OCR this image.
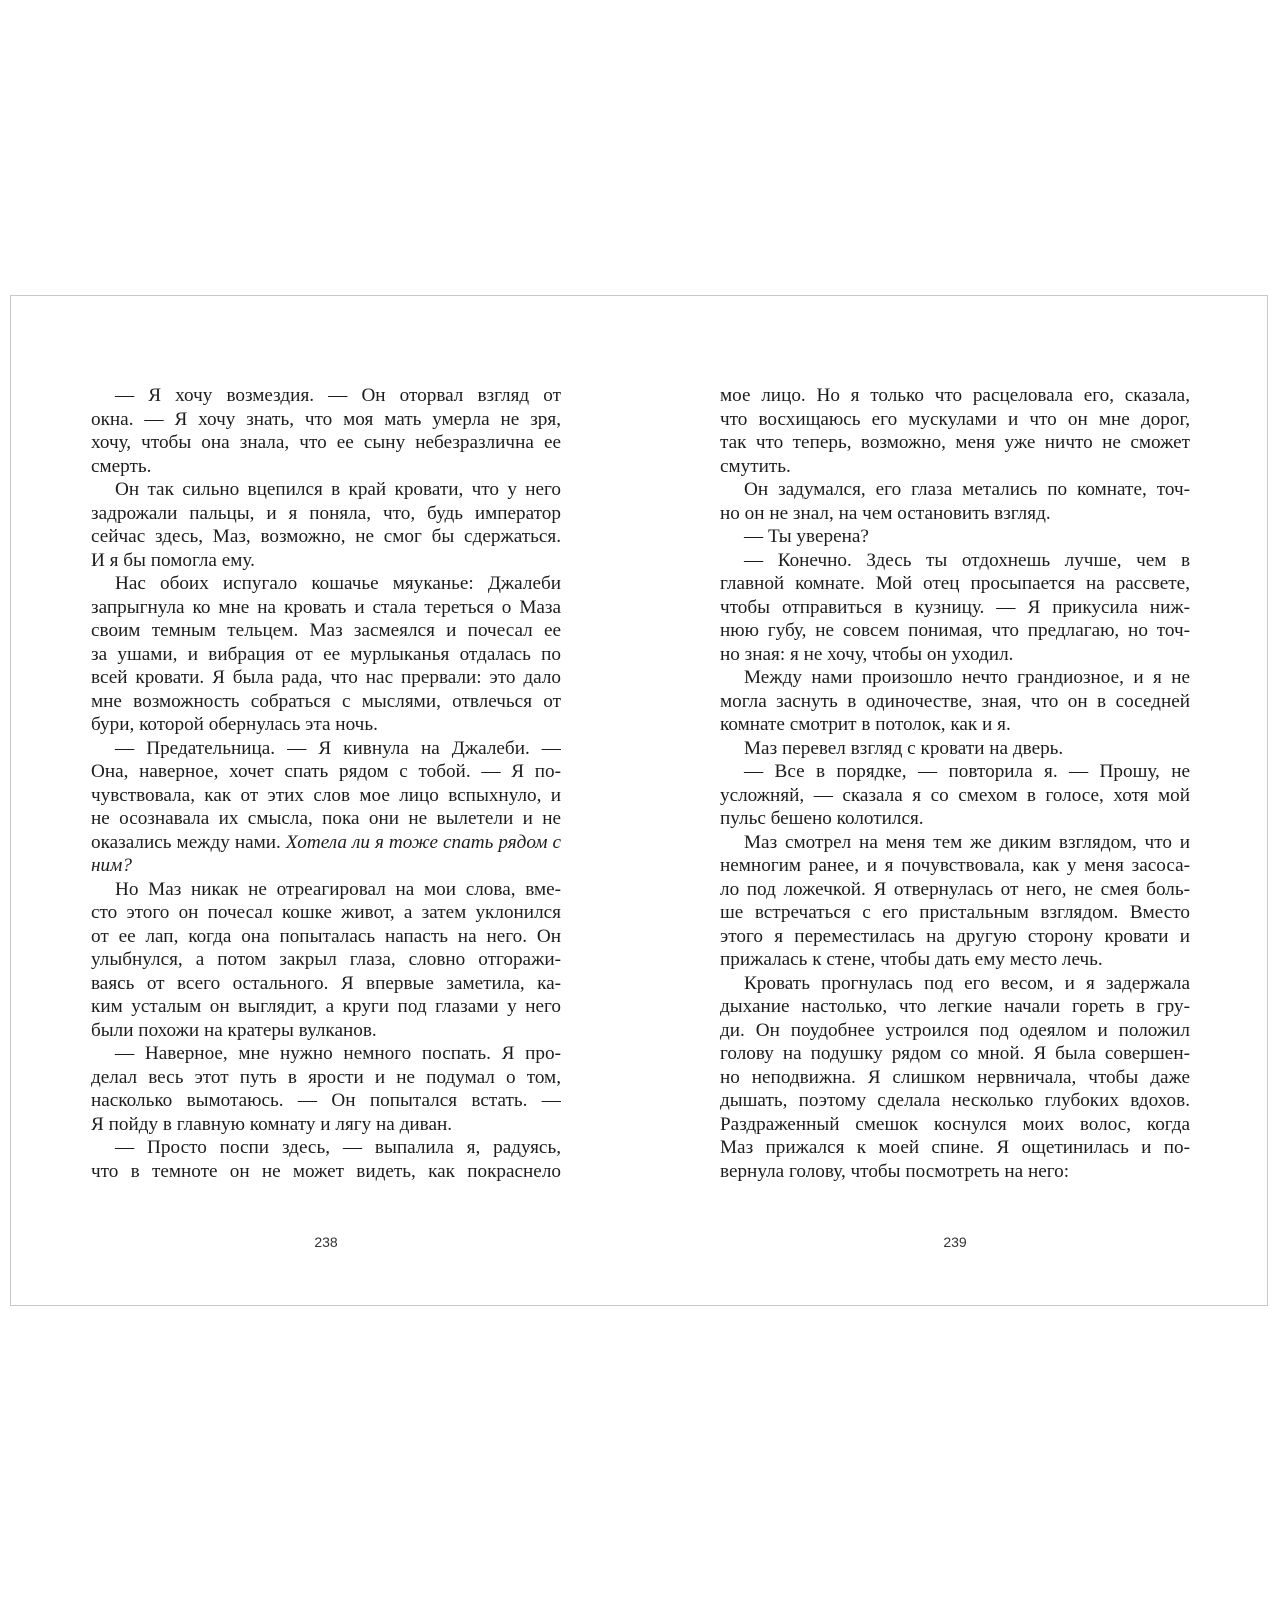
— Я хочу возмездия. — Он оторвал взгляд от
окна. — Я хочу знать, что моя мать умерла не зря,
хочу, чтобы она знала, что ее сыну небезразлична ее
смерть.
Он так сильно вцепился в край кровати, что у него
задрожали пальцы, и я поняла, что, будь император
сейчас здесь, Маз, возможно, не смог бы сдержаться.
И я бы помогла ему.
Нас обоих испугало кошачье мяуканье: Джалеби
запрыгнула ко мне на кровать и стала тереться о Маза
своим темным тельцем. Маз засмеялся и почесал ее
за ушами, и вибрация от ее мурлыканья отдалась по
всей кровати. Я была рада, что нас прервали: это дало
мне возможность собраться с мыслями, отвлечься от
бури, которой обернулась эта ночь.
— Предательница. — Я кивнула на Джалеби. —
Она, наверное, хочет спать рядом с тобой. — Я по-
чувствовала, как от этих слов мое лицо вспыхнуло, и
не осознавала их смысла, пока они не вылетели и не
оказались между нами. Хотела ли я тоже спать рядом с
ним?
Но Маз никак не отреагировал на мои слова, вме-
сто этого он почесал кошке живот, а затем уклонился
от ее лап, когда она попыталась напасть на него. Он
улыбнулся, а потом закрыл глаза, словно отгоражи-
ваясь от всего остального. Я впервые заметила, ка-
ким усталым он выглядит, а круги под глазами у него
были похожи на кратеры вулканов.
— Наверное, мне нужно немного поспать. Я про-
делал весь этот путь в ярости и не подумал о том,
насколько вымотаюсь. — Он попытался встать. —
Я пойду в главную комнату и лягу на диван.
— Просто поспи здесь, — выпалила я, радуясь,
что в темноте он не может видеть, как покраснело
мое лицо. Но я только что расцеловала его, сказала,
что восхищаюсь его мускулами и что он мне дорог,
так что теперь, возможно, меня уже ничто не сможет
смутить.
Он задумался, его глаза метались по комнате, точ-
но он не знал, на чем остановить взгляд.
— Ты уверена?
— Конечно. Здесь ты отдохнешь лучше, чем в
главной комнате. Мой отец просыпается на рассвете,
чтобы отправиться в кузницу. — Я прикусила ниж-
нюю губу, не совсем понимая, что предлагаю, но точ-
но зная: я не хочу, чтобы он уходил.
Между нами произошло нечто грандиозное, и я не
могла заснуть в одиночестве, зная, что он в соседней
комнате смотрит в потолок, как и я.
Маз перевел взгляд с кровати на дверь.
— Все в порядке, — повторила я. — Прошу, не
усложняй, — сказала я со смехом в голосе, хотя мой
пульс бешено колотился.
Маз смотрел на меня тем же диким взглядом, что и
немногим ранее, и я почувствовала, как у меня засоса-
ло под ложечкой. Я отвернулась от него, не смея боль-
ше встречаться с его пристальным взглядом. Вместо
этого я переместилась на другую сторону кровати и
прижалась к стене, чтобы дать ему место лечь.
Кровать прогнулась под его весом, и я задержала
дыхание настолько, что легкие начали гореть в гру-
ди. Он поудобнее устроился под одеялом и положил
голову на подушку рядом со мной. Я была совершен-
но неподвижна. Я слишком нервничала, чтобы даже
дышать, поэтому сделала несколько глубоких вдохов.
Раздраженный смешок коснулся моих волос, когда
Маз прижался к моей спине. Я ощетинилась и по-
вернула голову, чтобы посмотреть на него:
238	239
